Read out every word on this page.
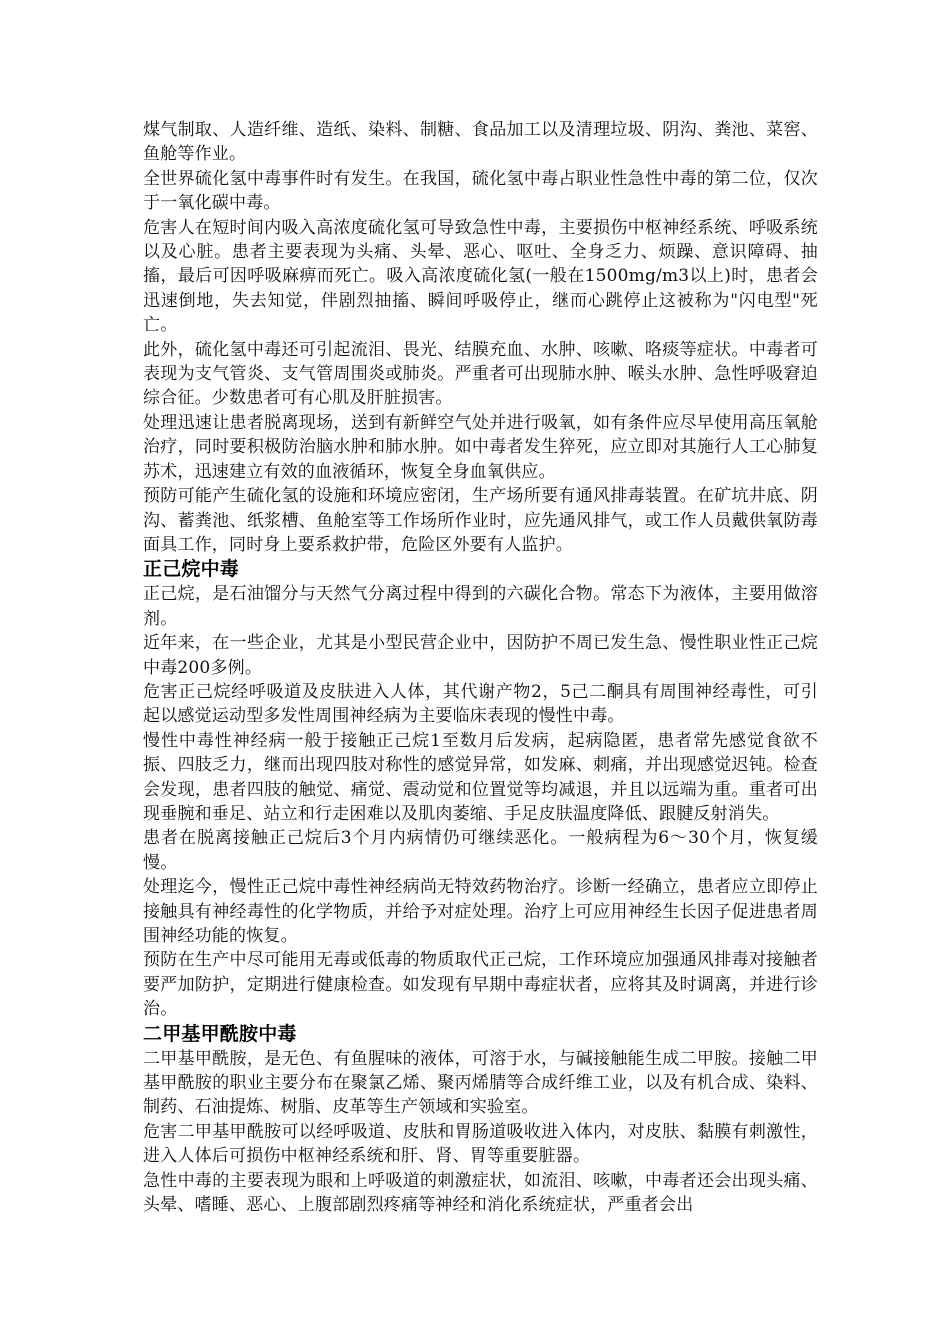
煤气制取、人造纤维、造纸、染料、制糖、食品加工以及清理垃圾、阴沟、粪池、菜窖、鱼舱等作业。

全世界硫化氢中毒事件时有发生。在我国，硫化氢中毒占职业性急性中毒的第二位，仅次于一氧化碳中毒。

危害人在短时间内吸入高浓度硫化氢可导致急性中毒，主要损伤中枢神经系统、呼吸系统以及心脏。患者主要表现为头痛、头晕、恶心、呕吐、全身乏力、烦躁、意识障碍、抽搐，最后可因呼吸麻痹而死亡。吸入高浓度硫化氢(一般在1500mg/m3以上)时，患者会迅速倒地，失去知觉，伴剧烈抽搐、瞬间呼吸停止，继而心跳停止这被称为"闪电型"死亡。

此外，硫化氢中毒还可引起流泪、畏光、结膜充血、水肿、咳嗽、咯痰等症状。中毒者可表现为支气管炎、支气管周围炎或肺炎。严重者可出现肺水肿、喉头水肿、急性呼吸窘迫综合征。少数患者可有心肌及肝脏损害。

处理迅速让患者脱离现场，送到有新鲜空气处并进行吸氧，如有条件应尽早使用高压氧舱治疗，同时要积极防治脑水肿和肺水肿。如中毒者发生猝死，应立即对其施行人工心肺复苏术，迅速建立有效的血液循环，恢复全身血氧供应。

预防可能产生硫化氢的设施和环境应密闭，生产场所要有通风排毒装置。在矿坑井底、阴沟、蓄粪池、纸浆槽、鱼舱室等工作场所作业时，应先通风排气，或工作人员戴供氧防毒面具工作，同时身上要系救护带，危险区外要有人监护。

正己烷中毒

正己烷，是石油馏分与天然气分离过程中得到的六碳化合物。常态下为液体，主要用做溶剂。

近年来，在一些企业，尤其是小型民营企业中，因防护不周已发生急、慢性职业性正己烷中毒200多例。

危害正己烷经呼吸道及皮肤进入人体，其代谢产物2，5己二酮具有周围神经毒性，可引起以感觉运动型多发性周围神经病为主要临床表现的慢性中毒。

慢性中毒性神经病一般于接触正己烷1至数月后发病，起病隐匿，患者常先感觉食欲不振、四肢乏力，继而出现四肢对称性的感觉异常，如发麻、刺痛，并出现感觉迟钝。检查会发现，患者四肢的触觉、痛觉、震动觉和位置觉等均减退，并且以远端为重。重者可出现垂腕和垂足、站立和行走困难以及肌肉萎缩、手足皮肤温度降低、跟腱反射消失。

患者在脱离接触正己烷后3个月内病情仍可继续恶化。一般病程为6～30个月，恢复缓慢。

处理迄今，慢性正己烷中毒性神经病尚无特效药物治疗。诊断一经确立，患者应立即停止接触具有神经毒性的化学物质，并给予对症处理。治疗上可应用神经生长因子促进患者周围神经功能的恢复。

预防在生产中尽可能用无毒或低毒的物质取代正己烷，工作环境应加强通风排毒对接触者要严加防护，定期进行健康检查。如发现有早期中毒症状者，应将其及时调离，并进行诊治。

二甲基甲酰胺中毒

二甲基甲酰胺，是无色、有鱼腥味的液体，可溶于水，与碱接触能生成二甲胺。接触二甲基甲酰胺的职业主要分布在聚氯乙烯、聚丙烯腈等合成纤维工业，以及有机合成、染料、制药、石油提炼、树脂、皮革等生产领域和实验室。

危害二甲基甲酰胺可以经呼吸道、皮肤和胃肠道吸收进入体内，对皮肤、黏膜有刺激性，进入人体后可损伤中枢神经系统和肝、肾、胃等重要脏器。

急性中毒的主要表现为眼和上呼吸道的刺激症状，如流泪、咳嗽，中毒者还会出现头痛、头晕、嗜睡、恶心、上腹部剧烈疼痛等神经和消化系统症状，严重者会出
